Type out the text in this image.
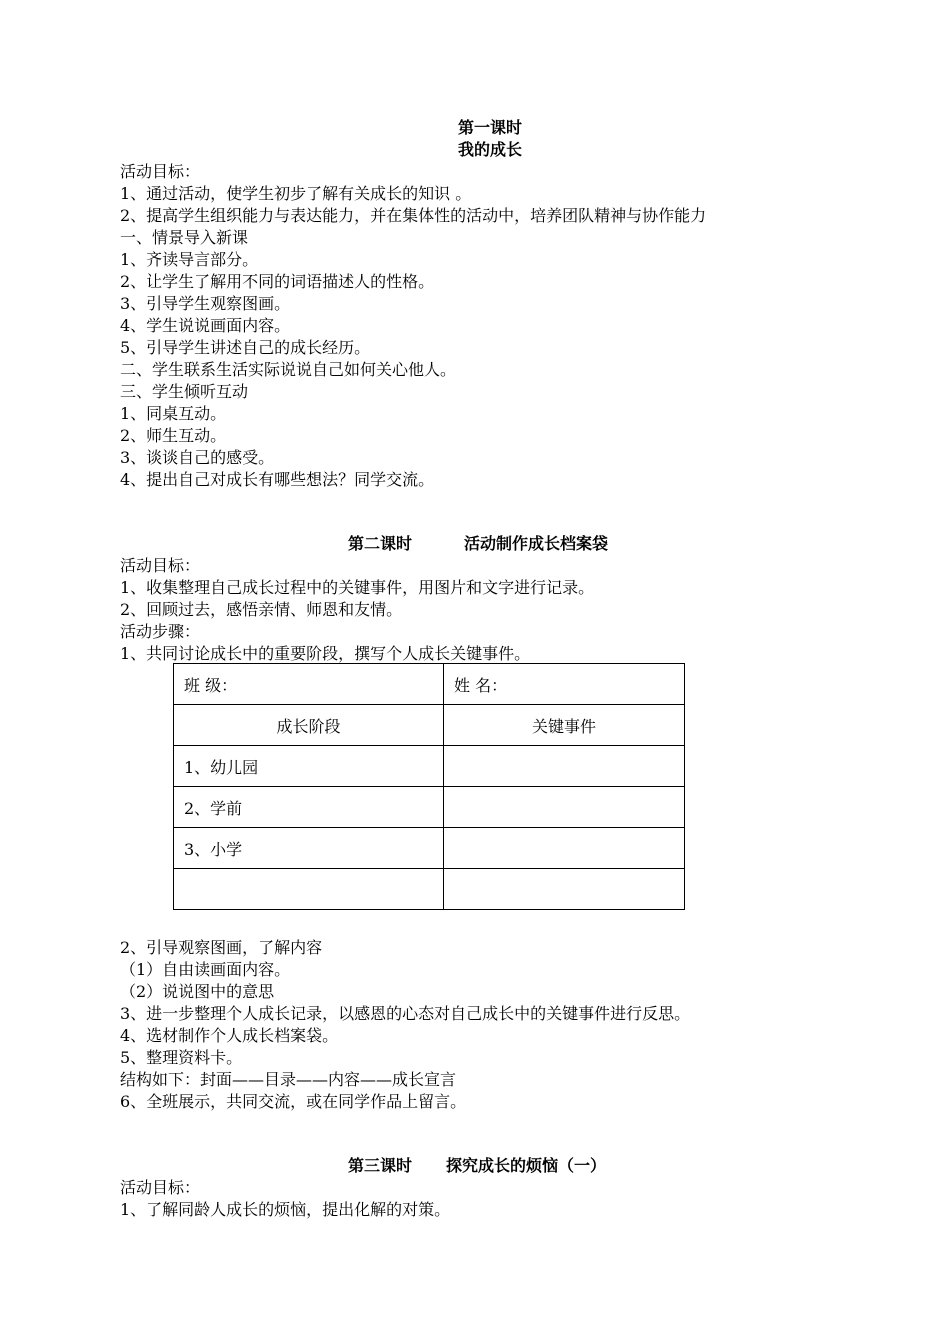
第一课时
我的成长
活动目标：
1、通过活动，使学生初步了解有关成长的知识 。
2、提高学生组织能力与表达能力，并在集体性的活动中，培养团队精神与协作能力
一、情景导入新课
1、齐读导言部分。
2、让学生了解用不同的词语描述人的性格。
3、引导学生观察图画。
4、学生说说画面内容。
5、引导学生讲述自己的成长经历。
二、学生联系生活实际说说自己如何关心他人。
三、学生倾听互动
1、同桌互动。
2、师生互动。
3、谈谈自己的感受。
4、提出自己对成长有哪些想法？同学交流。
第二课时	活动制作成长档案袋
活动目标：
1、收集整理自己成长过程中的关键事件，用图片和文字进行记录。
2、回顾过去，感悟亲情、师恩和友情。
活动步骤：
1、共同讨论成长中的重要阶段，撰写个人成长关键事件。
班 级：	姓 名：
成长阶段	关键事件
1、幼儿园	
2、学前	
3、小学	

2、引导观察图画，了解内容
（1）自由读画面内容。
（2）说说图中的意思
3、进一步整理个人成长记录，以感恩的心态对自己成长中的关键事件进行反思。
4、选材制作个人成长档案袋。
5、整理资料卡。
结构如下：封面——目录——内容——成长宣言
6、全班展示，共同交流，或在同学作品上留言。
第三课时 探究成长的烦恼（一）
活动目标：
1、了解同龄人成长的烦恼，提出化解的对策。
